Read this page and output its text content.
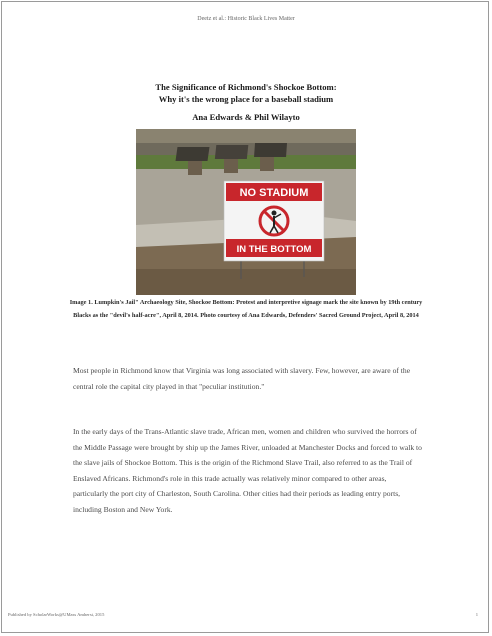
Deetz et al.: Historic Black Lives Matter
The Significance of Richmond's Shockoe Bottom:
Why it's the wrong place for a baseball stadium
Ana Edwards & Phil Wilayto
NO STADIUM
IN THE BOTTOM
Image 1. Lumpkin's Jail" Archaeology Site, Shockoe Bottom: Protest and interpretive signage mark the site known by 19th century Blacks as the "devil's half-acre", April 8, 2014. Photo courtesy of Ana Edwards, Defenders' Sacred Ground Project, April 8, 2014

Most people in Richmond know that Virginia was long associated with slavery. Few, however, are aware of the central role the capital city played in that "peculiar institution."

In the early days of the Trans-Atlantic slave trade, African men, women and children who survived the horrors of the Middle Passage were brought by ship up the James River, unloaded at Manchester Docks and forced to walk to the slave jails of Shockoe Bottom. This is the origin of the Richmond Slave Trail, also referred to as the Trail of Enslaved Africans. Richmond's role in this trade actually was relatively minor compared to other areas, particularly the port city of Charleston, South Carolina. Other cities had their periods as leading entry ports, including Boston and New York.

Published by ScholarWorks@UMass Amherst, 2015	1
